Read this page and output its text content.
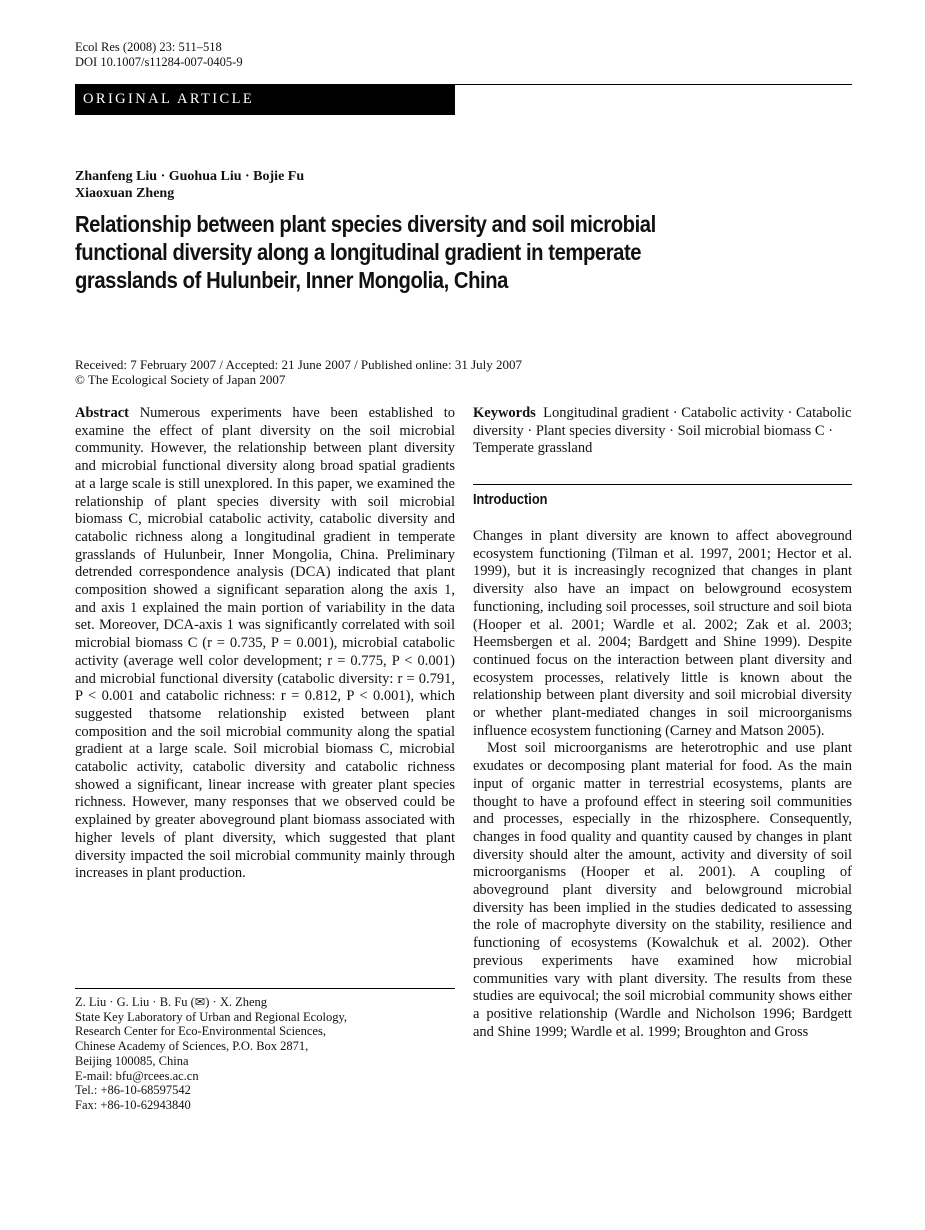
Ecol Res (2008) 23: 511–518
DOI 10.1007/s11284-007-0405-9
ORIGINAL ARTICLE
Zhanfeng Liu · Guohua Liu · Bojie Fu
Xiaoxuan Zheng
Relationship between plant species diversity and soil microbial
functional diversity along a longitudinal gradient in temperate
grasslands of Hulunbeir, Inner Mongolia, China
Received: 7 February 2007 / Accepted: 21 June 2007 / Published online: 31 July 2007
© The Ecological Society of Japan 2007

Abstract Numerous experiments have been established to examine the effect of plant diversity on the soil microbial community. However, the relationship between plant diversity and microbial functional diversity along broad spatial gradients at a large scale is still unexplored. In this paper, we examined the relationship of plant species diversity with soil microbial biomass C, microbial catabolic activity, catabolic diversity and catabolic richness along a longitudinal gradient in temperate grasslands of Hulunbeir, Inner Mongolia, China. Preliminary detrended correspondence analysis (DCA) indicated that plant composition showed a significant separation along the axis 1, and axis 1 explained the main portion of variability in the data set. Moreover, DCA-axis 1 was significantly correlated with soil microbial biomass C (r = 0.735, P = 0.001), microbial catabolic activity (average well color development; r = 0.775, P < 0.001) and microbial functional diversity (catabolic diversity: r = 0.791, P < 0.001 and catabolic richness: r = 0.812, P < 0.001), which suggested thatsome relationship existed between plant composition and the soil microbial community along the spatial gradient at a large scale. Soil microbial biomass C, microbial catabolic activity, catabolic diversity and catabolic richness showed a significant, linear increase with greater plant species richness. However, many responses that we observed could be explained by greater aboveground plant biomass associated with higher levels of plant diversity, which suggested that plant diversity impacted the soil microbial community mainly through increases in plant production.

Z. Liu · G. Liu · B. Fu (✉) · X. Zheng
State Key Laboratory of Urban and Regional Ecology,
Research Center for Eco-Environmental Sciences,
Chinese Academy of Sciences, P.O. Box 2871,
Beijing 100085, China
E-mail: bfu@rcees.ac.cn
Tel.: +86-10-68597542
Fax: +86-10-62943840

Keywords Longitudinal gradient · Catabolic activity · Catabolic diversity · Plant species diversity · Soil microbial biomass C · Temperate grassland

Introduction

Changes in plant diversity are known to affect aboveground ecosystem functioning (Tilman et al. 1997, 2001; Hector et al. 1999), but it is increasingly recognized that changes in plant diversity also have an impact on belowground ecosystem functioning, including soil processes, soil structure and soil biota (Hooper et al. 2001; Wardle et al. 2002; Zak et al. 2003; Heemsbergen et al. 2004; Bardgett and Shine 1999). Despite continued focus on the interaction between plant diversity and ecosystem processes, relatively little is known about the relationship between plant diversity and soil microbial diversity or whether plant-mediated changes in soil microorganisms influence ecosystem functioning (Carney and Matson 2005).

Most soil microorganisms are heterotrophic and use plant exudates or decomposing plant material for food. As the main input of organic matter in terrestrial ecosystems, plants are thought to have a profound effect in steering soil communities and processes, especially in the rhizosphere. Consequently, changes in food quality and quantity caused by changes in plant diversity should alter the amount, activity and diversity of soil microorganisms (Hooper et al. 2001). A coupling of aboveground plant diversity and belowground microbial diversity has been implied in the studies dedicated to assessing the role of macrophyte diversity on the stability, resilience and functioning of ecosystems (Kowalchuk et al. 2002). Other previous experiments have examined how microbial communities vary with plant diversity. The results from these studies are equivocal; the soil microbial community shows either a positive relationship (Wardle and Nicholson 1996; Bardgett and Shine 1999; Wardle et al. 1999; Broughton and Gross
